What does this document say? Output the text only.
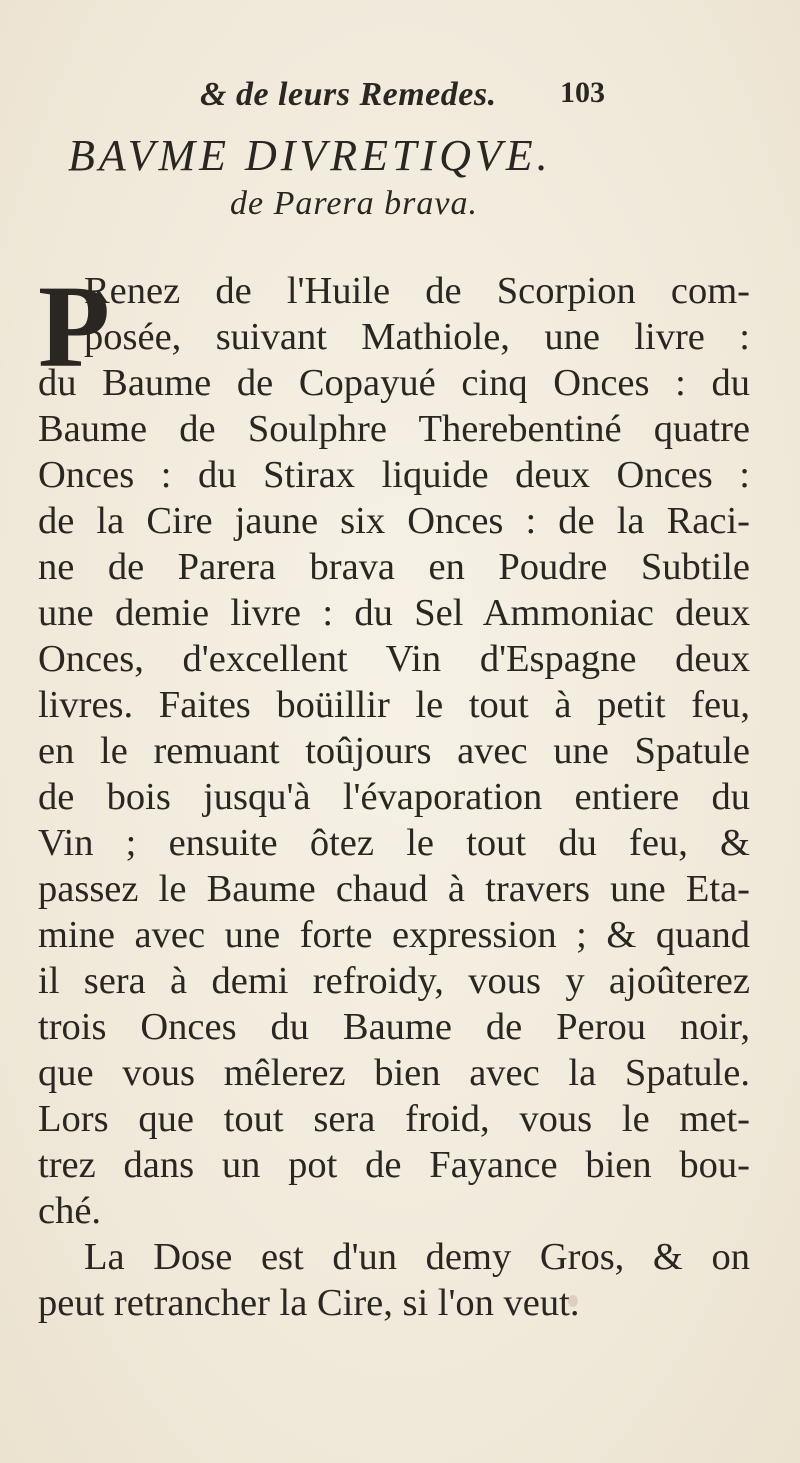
& de leurs Remedes. 103
BAVME DIVRETIQVE.
de Parera brava.
P
Renez de l'Huile de Scorpion com-
posée, suivant Mathiole, une livre :
du Baume de Copayué cinq Onces : du
Baume de Soulphre Therebentiné quatre
Onces : du Stirax liquide deux Onces :
de la Cire jaune six Onces : de la Raci-
ne de Parera brava en Poudre Subtile
une demie livre : du Sel Ammoniac deux
Onces, d'excellent Vin d'Espagne deux
livres. Faites boüillir le tout à petit feu,
en le remuant toûjours avec une Spatule
de bois jusqu'à l'évaporation entiere du
Vin ; ensuite ôtez le tout du feu, &
passez le Baume chaud à travers une Eta-
mine avec une forte expression ; & quand
il sera à demi refroidy, vous y ajoûterez
trois Onces du Baume de Perou noir,
que vous mêlerez bien avec la Spatule.
Lors que tout sera froid, vous le met-
trez dans un pot de Fayance bien bou-
ché.
La Dose est d'un demy Gros, & on
peut retrancher la Cire, si l'on veut.
